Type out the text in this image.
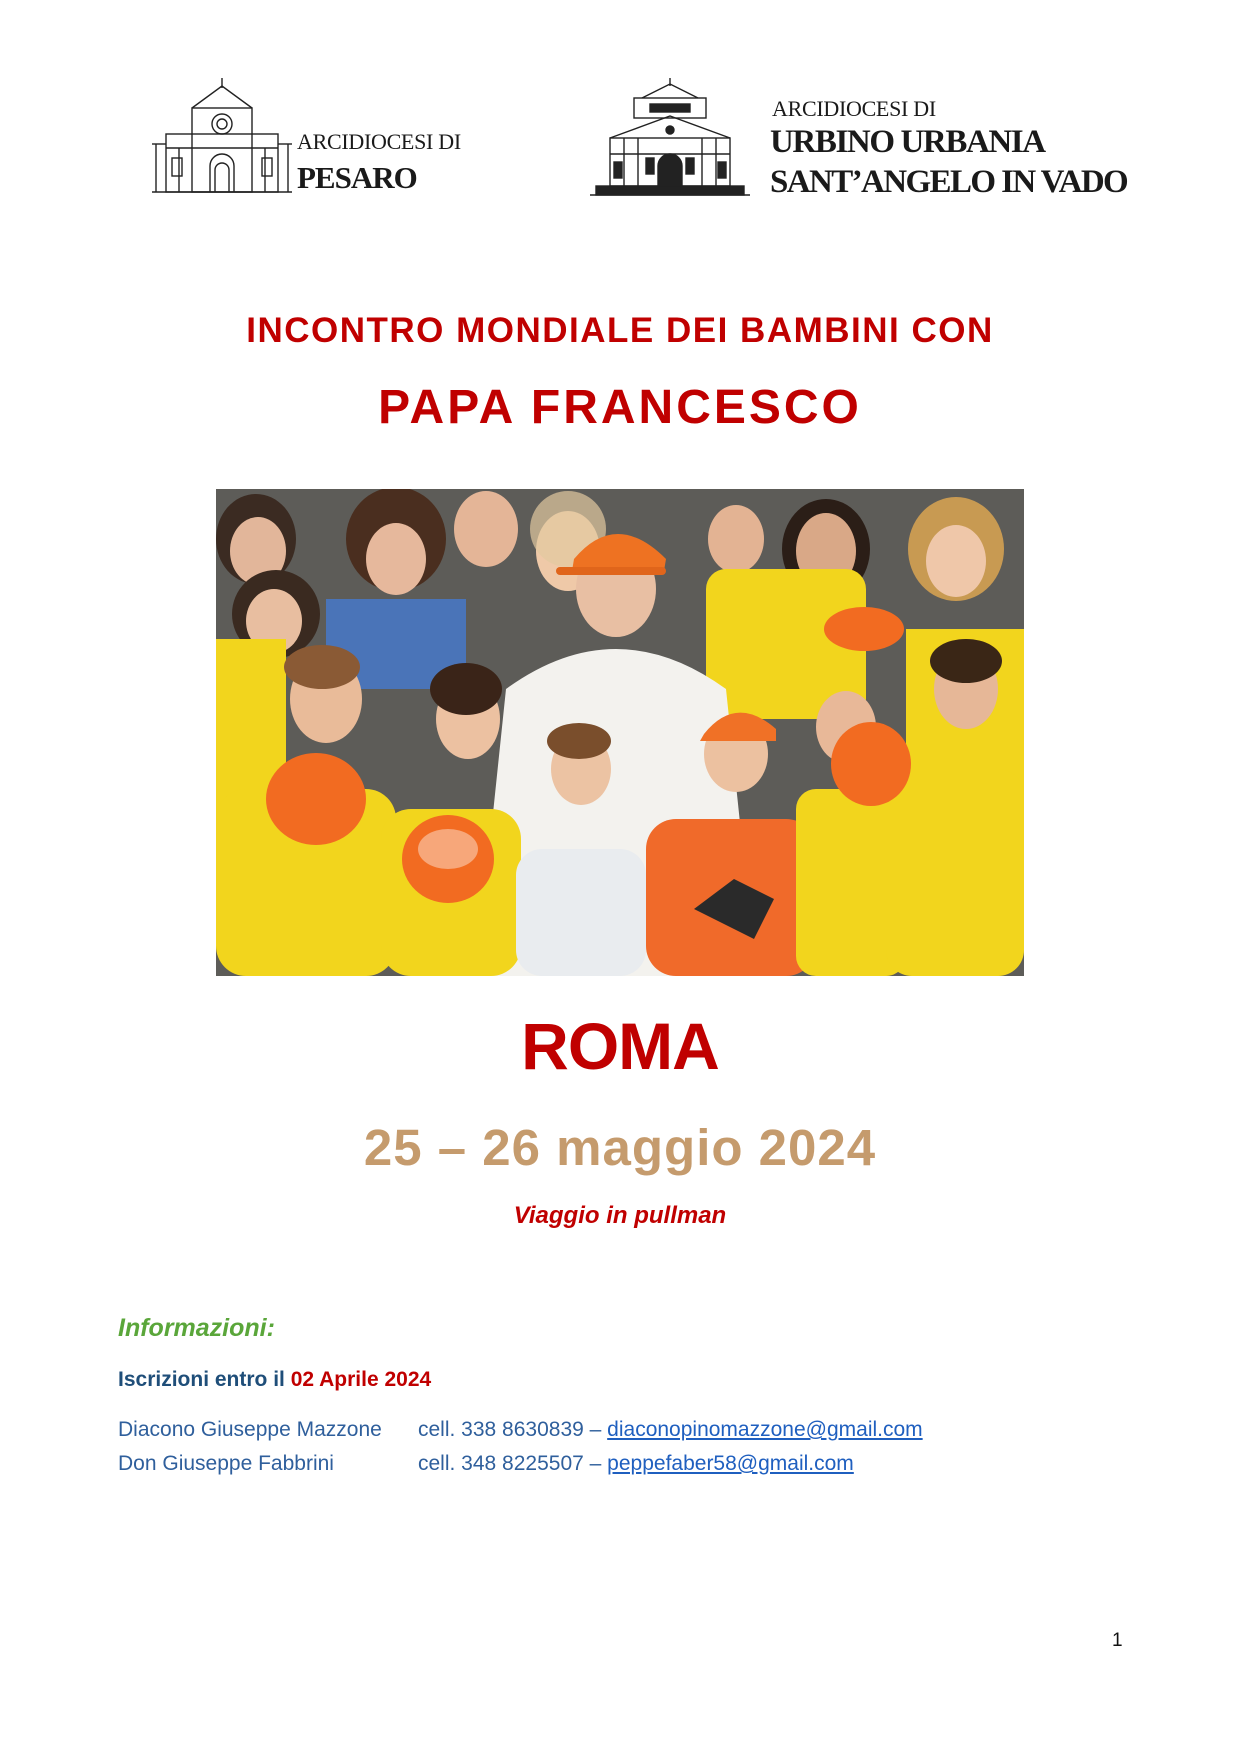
ARCIDIOCESI DI
PESARO
ARCIDIOCESI DI
URBINO URBANIA
SANT’ANGELO IN VADO
INCONTRO MONDIALE DEI BAMBINI CON
PAPA FRANCESCO
ROMA
25 – 26 maggio 2024
Viaggio in pullman
Informazioni:
Iscrizioni entro il 02 Aprile 2024
Diacono Giuseppe Mazzone cell. 338 8630839 – diaconopinomazzone@gmail.com
Don Giuseppe Fabbrini	cell. 348 8225507 – peppefaber58@gmail.com
1
